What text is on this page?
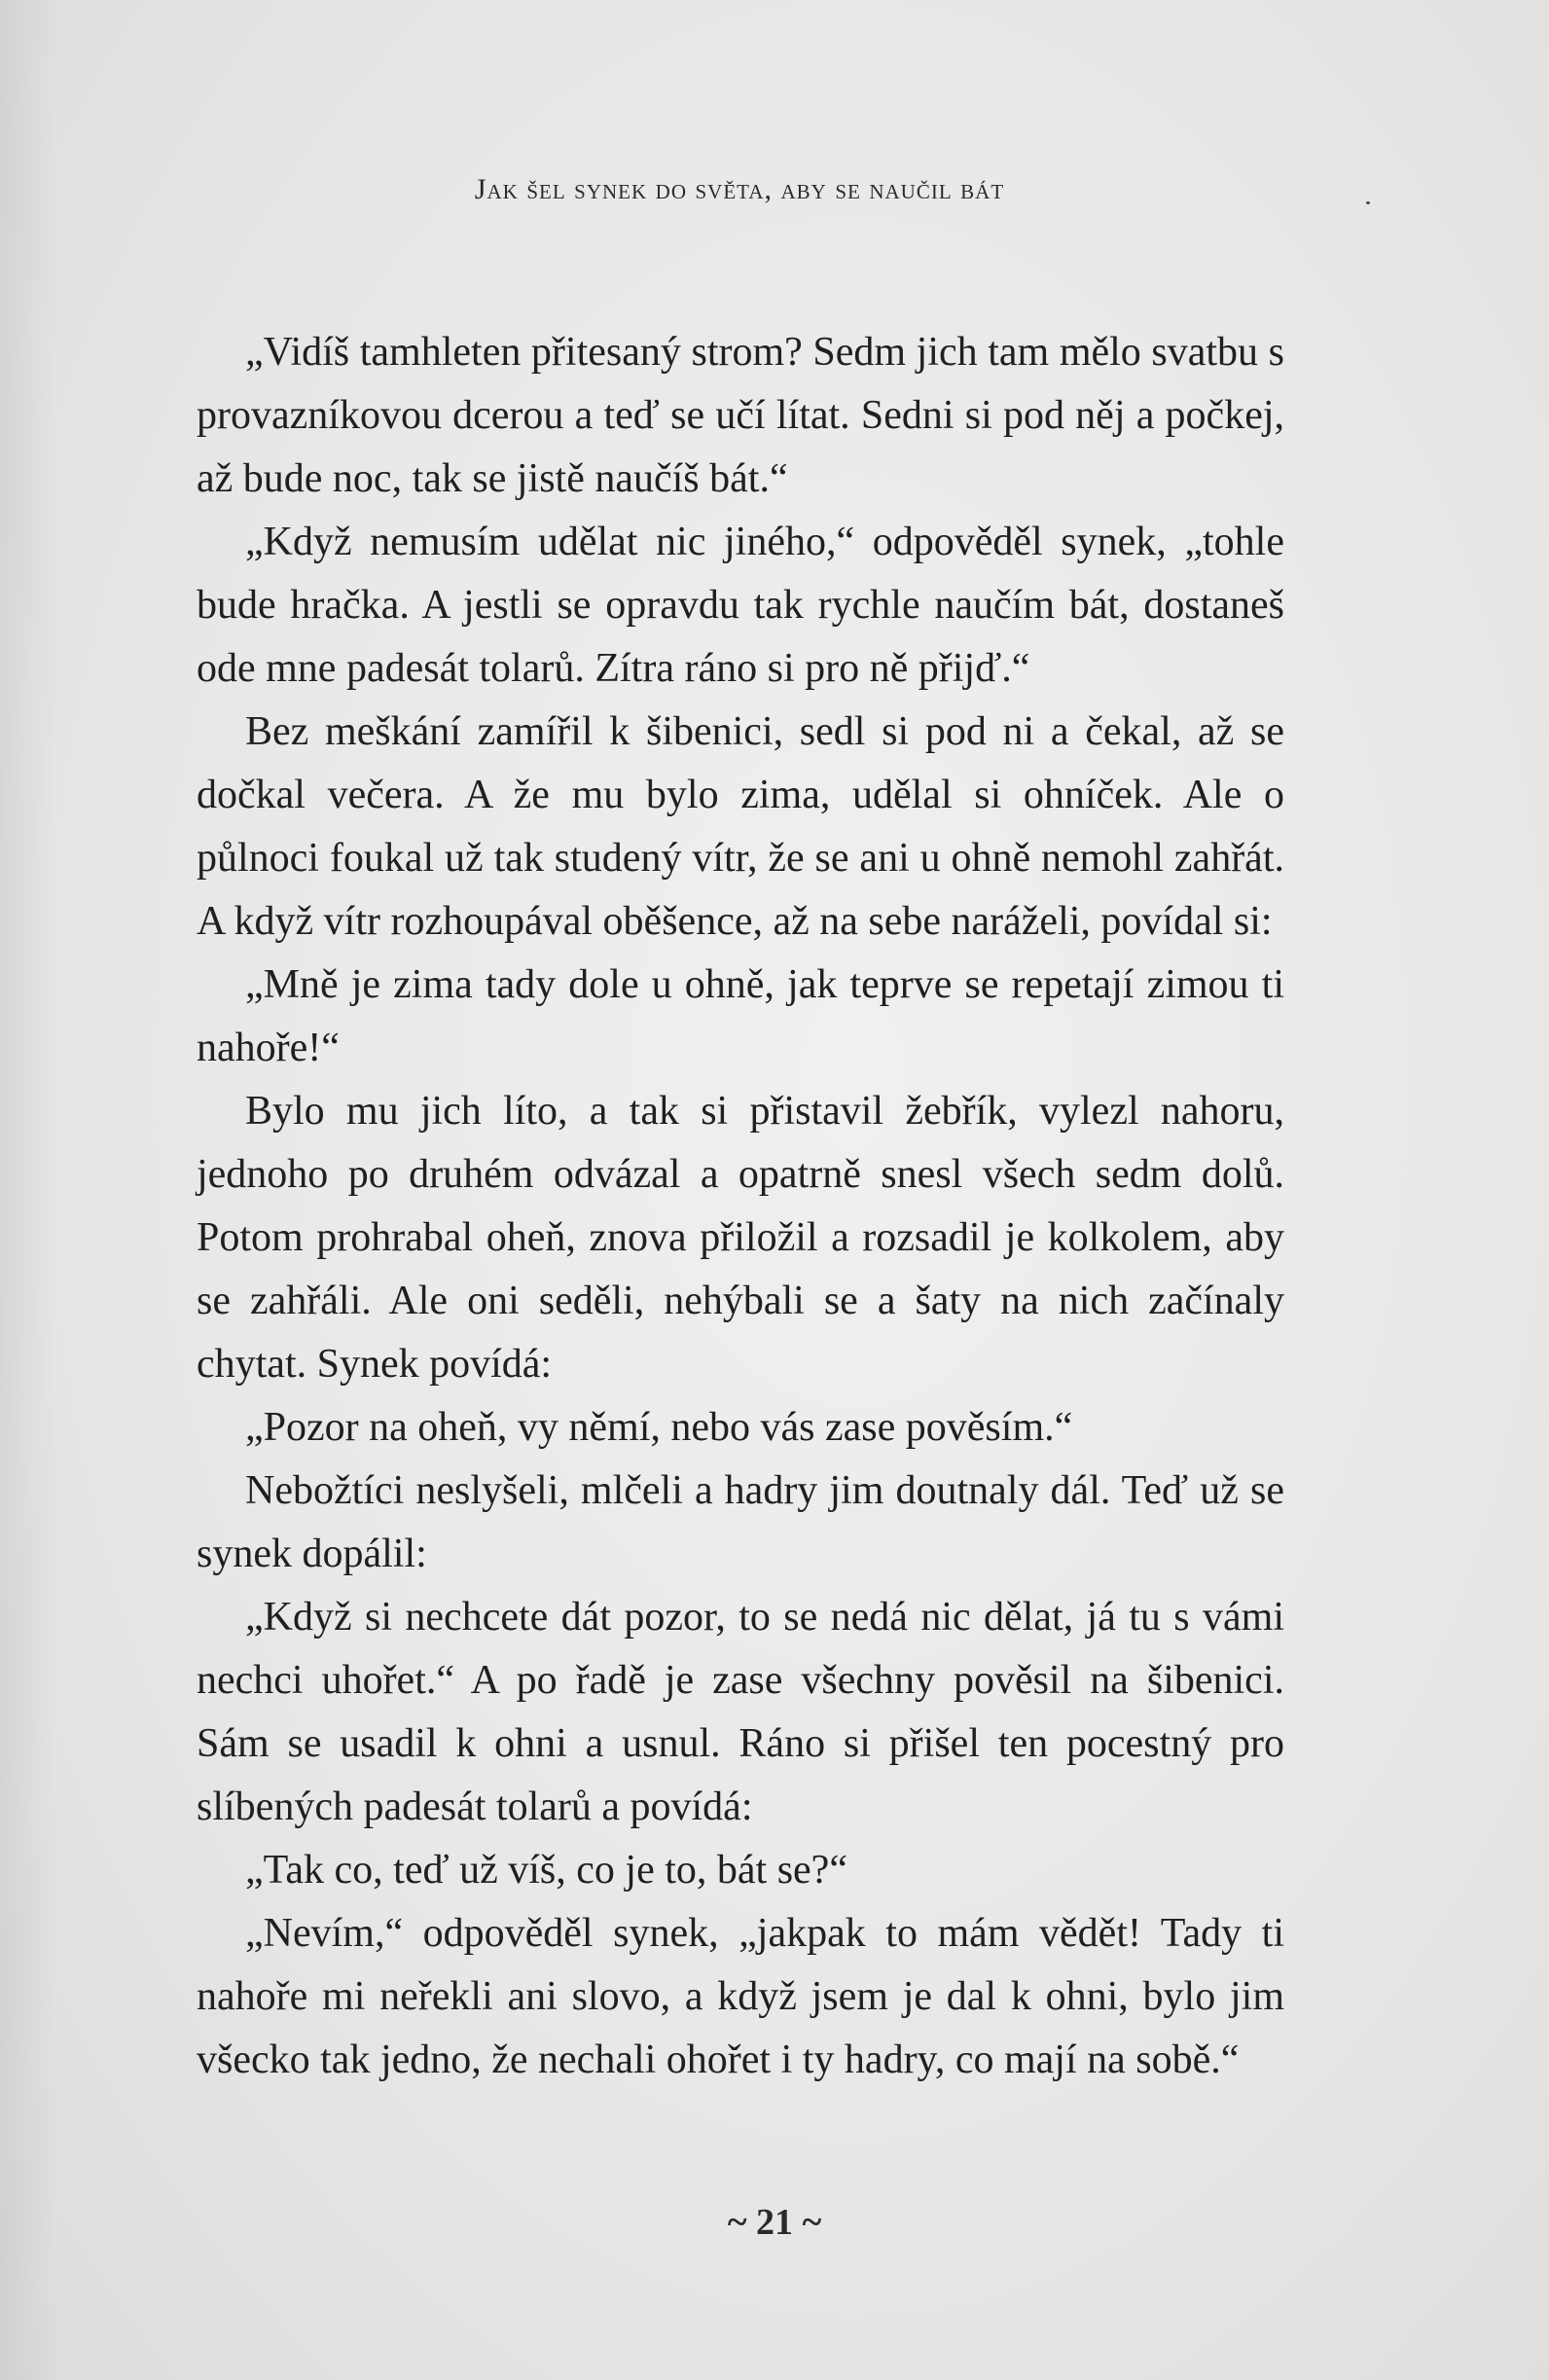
Jak šel synek do světa, aby se naučil bát

„Vidíš tamhleten přitesaný strom? Sedm jich tam mělo svatbu s provazníkovou dcerou a teď se učí lítat. Sedni si pod něj a počkej, až bude noc, tak se jistě naučíš bát.“

„Když nemusím udělat nic jiného,“ odpověděl synek, „tohle bude hračka. A jestli se opravdu tak rychle naučím bát, dostaneš ode mne padesát tolarů. Zítra ráno si pro ně přijď.“

Bez meškání zamířil k šibenici, sedl si pod ni a čekal, až se dočkal večera. A že mu bylo zima, udělal si ohníček. Ale o půlnoci foukal už tak studený vítr, že se ani u ohně nemohl zahřát. A když vítr rozhoupával oběšence, až na sebe naráželi, povídal si:

„Mně je zima tady dole u ohně, jak teprve se repetají zimou ti nahoře!“

Bylo mu jich líto, a tak si přistavil žebřík, vylezl nahoru, jednoho po druhém odvázal a opatrně snesl všech sedm dolů. Potom prohrabal oheň, znova přiložil a rozsadil je kolkolem, aby se zahřáli. Ale oni seděli, nehýbali se a šaty na nich začínaly chytat. Synek povídá:

„Pozor na oheň, vy němí, nebo vás zase pověsím.“

Nebožtíci neslyšeli, mlčeli a hadry jim doutnaly dál. Teď už se synek dopálil:

„Když si nechcete dát pozor, to se nedá nic dělat, já tu s vámi nechci uhořet.“ A po řadě je zase všechny pověsil na šibenici. Sám se usadil k ohni a usnul. Ráno si přišel ten pocestný pro slíbených padesát tolarů a povídá:

„Tak co, teď už víš, co je to, bát se?“

„Nevím,“ odpověděl synek, „jakpak to mám vědět! Tady ti nahoře mi neřekli ani slovo, a když jsem je dal k ohni, bylo jim všecko tak jedno, že nechali ohořet i ty hadry, co mají na sobě.“

~ 21 ~
